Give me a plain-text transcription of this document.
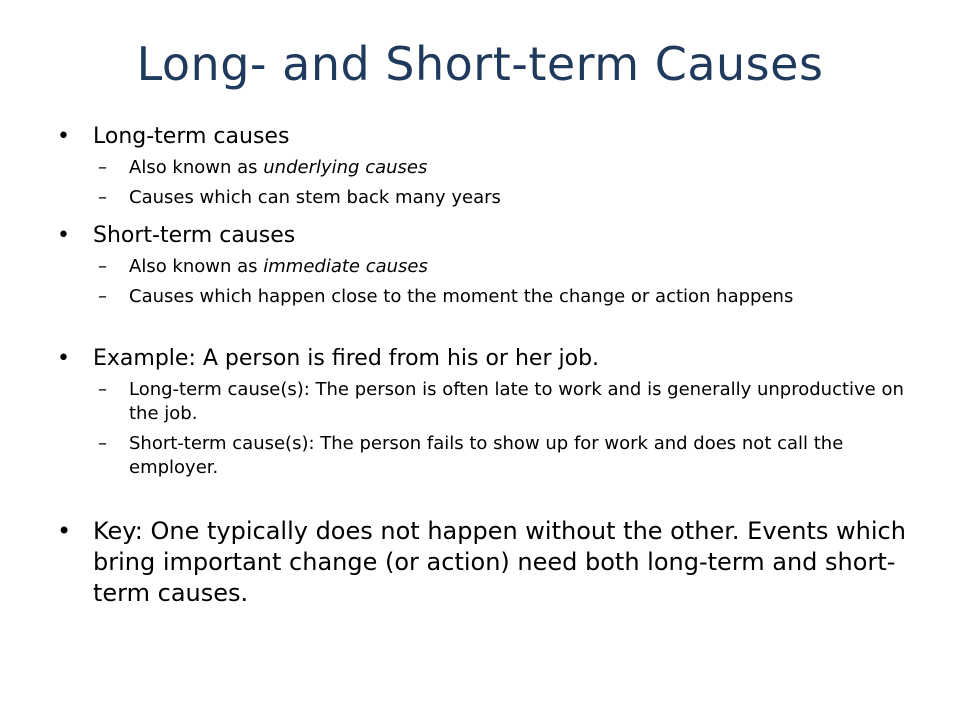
Long- and Short-term Causes
•	Long-term causes
–	Also known as underlying causes
–	Causes which can stem back many years
•	Short-term causes
–	Also known as immediate causes
–	Causes which happen close to the moment the change or action happens
•	Example: A person is fired from his or her job.
–	Long-term cause(s): The person is often late to work and is generally unproductive on the job.
–	Short-term cause(s): The person fails to show up for work and does not call the employer.
• Key: One typically does not happen without the other. Events which bring important change (or action) need both long-term and short-term causes.
